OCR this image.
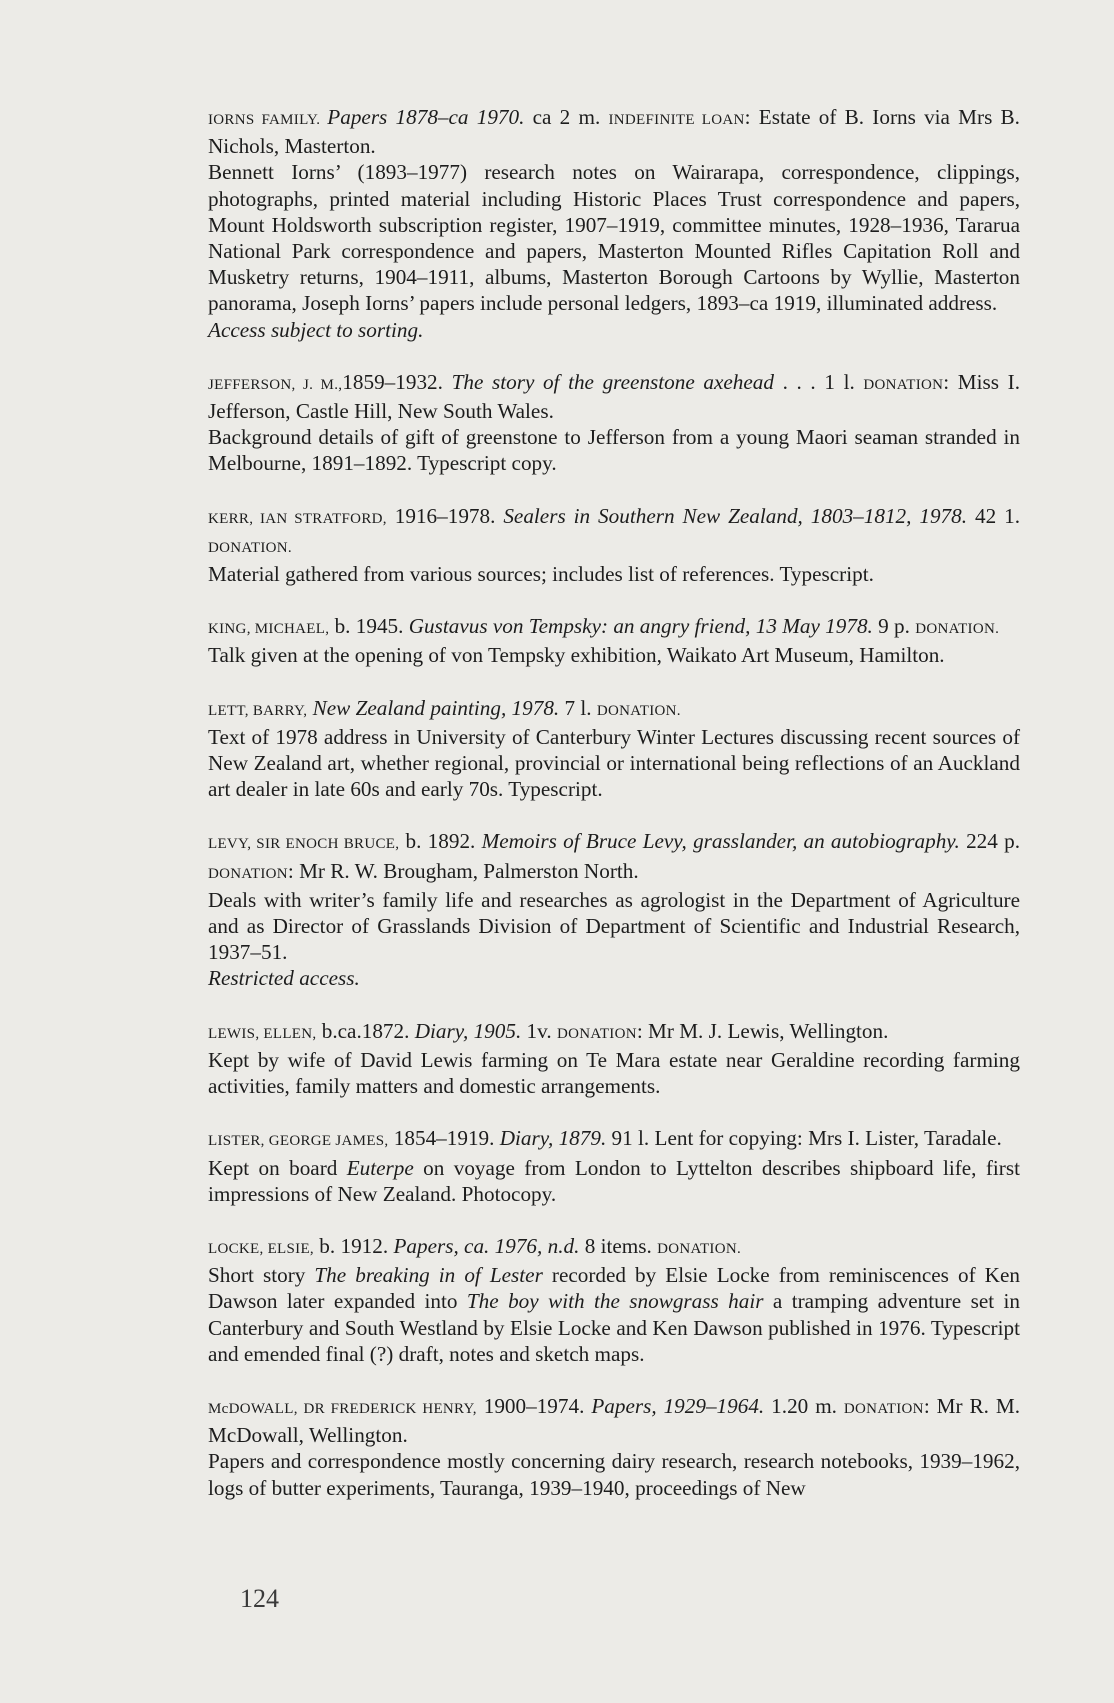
IORNS FAMILY. Papers 1878–ca 1970. ca 2 m. INDEFINITE LOAN: Estate of B. Iorns via Mrs B. Nichols, Masterton.

Bennett Iorns’ (1893–1977) research notes on Wairarapa, correspondence, clippings, photographs, printed material including Historic Places Trust correspondence and papers, Mount Holdsworth subscription register, 1907–1919, committee minutes, 1928–1936, Tararua National Park correspondence and papers, Masterton Mounted Rifles Capitation Roll and Musketry returns, 1904–1911, albums, Masterton Borough Cartoons by Wyllie, Masterton panorama, Joseph Iorns’ papers include personal ledgers, 1893–ca 1919, illuminated address.

Access subject to sorting.

JEFFERSON, J. M.,1859–1932. The story of the greenstone axehead . . . 1 l. DONATION: Miss I. Jefferson, Castle Hill, New South Wales.

Background details of gift of greenstone to Jefferson from a young Maori seaman stranded in Melbourne, 1891–1892. Typescript copy.

KERR, IAN STRATFORD, 1916–1978. Sealers in Southern New Zealand, 1803–1812, 1978. 42 1. DONATION.

Material gathered from various sources; includes list of references. Typescript.

KING, MICHAEL, b. 1945. Gustavus von Tempsky: an angry friend, 13 May 1978. 9 p. DONATION.

Talk given at the opening of von Tempsky exhibition, Waikato Art Museum, Hamilton.

LETT, BARRY, New Zealand painting, 1978. 7 l. DONATION.

Text of 1978 address in University of Canterbury Winter Lectures discussing recent sources of New Zealand art, whether regional, provincial or international being reflections of an Auckland art dealer in late 60s and early 70s. Typescript.

LEVY, SIR ENOCH BRUCE, b. 1892. Memoirs of Bruce Levy, grasslander, an autobiography. 224 p. DONATION: Mr R. W. Brougham, Palmerston North.

Deals with writer’s family life and researches as agrologist in the Department of Agriculture and as Director of Grasslands Division of Department of Scientific and Industrial Research, 1937–51.

Restricted access.

LEWIS, ELLEN, b.ca.1872. Diary, 1905. 1v. DONATION: Mr M. J. Lewis, Wellington.

Kept by wife of David Lewis farming on Te Mara estate near Geraldine recording farming activities, family matters and domestic arrangements.

LISTER, GEORGE JAMES, 1854–1919. Diary, 1879. 91 l. Lent for copying: Mrs I. Lister, Taradale.

Kept on board Euterpe on voyage from London to Lyttelton describes shipboard life, first impressions of New Zealand. Photocopy.

LOCKE, ELSIE, b. 1912. Papers, ca. 1976, n.d. 8 items. DONATION.

Short story The breaking in of Lester recorded by Elsie Locke from reminiscences of Ken Dawson later expanded into The boy with the snowgrass hair a tramping adventure set in Canterbury and South Westland by Elsie Locke and Ken Dawson published in 1976. Typescript and emended final (?) draft, notes and sketch maps.

McDOWALL, DR FREDERICK HENRY, 1900–1974. Papers, 1929–1964. 1.20 m. DONATION: Mr R. M. McDowall, Wellington.

Papers and correspondence mostly concerning dairy research, research notebooks, 1939–1962, logs of butter experiments, Tauranga, 1939–1940, proceedings of New

124
